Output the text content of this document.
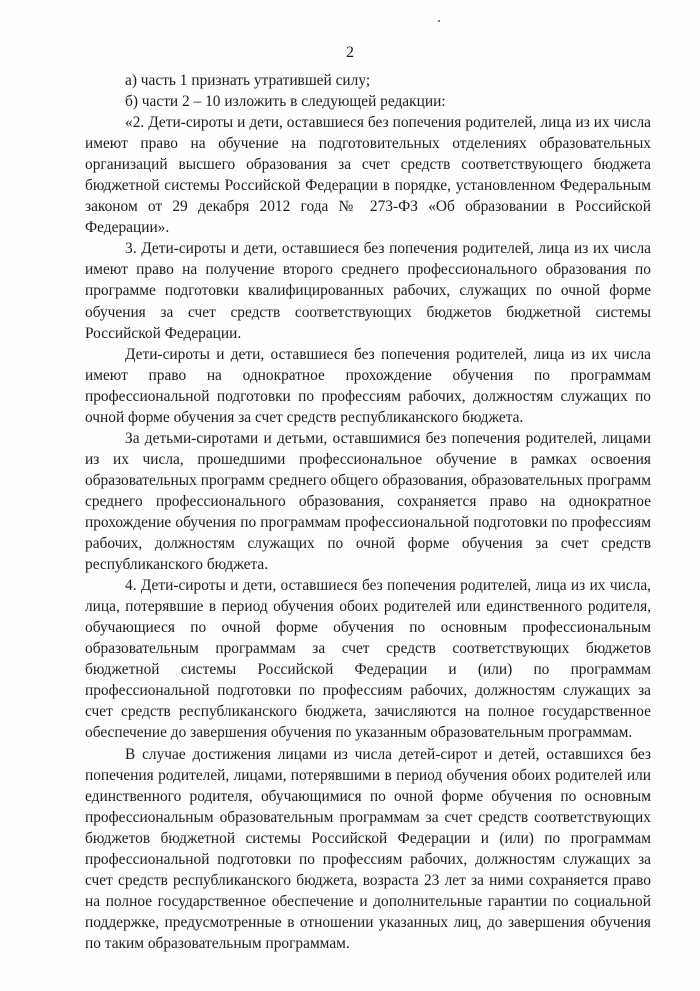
2

а) часть 1 признать утратившей силу;

б) части 2 – 10 изложить в следующей редакции:

«2. Дети-сироты и дети, оставшиеся без попечения родителей, лица из их числа имеют право на обучение на подготовительных отделениях образовательных организаций высшего образования за счет средств соответствующего бюджета бюджетной системы Российской Федерации в порядке, установленном Федеральным законом от 29 декабря 2012 года № 273-ФЗ «Об образовании в Российской Федерации».

3. Дети-сироты и дети, оставшиеся без попечения родителей, лица из их числа имеют право на получение второго среднего профессионального образования по программе подготовки квалифицированных рабочих, служащих по очной форме обучения за счет средств соответствующих бюджетов бюджетной системы Российской Федерации.

Дети-сироты и дети, оставшиеся без попечения родителей, лица из их числа имеют право на однократное прохождение обучения по программам профессиональной подготовки по профессиям рабочих, должностям служащих по очной форме обучения за счет средств республиканского бюджета.

За детьми-сиротами и детьми, оставшимися без попечения родителей, лицами из их числа, прошедшими профессиональное обучение в рамках освоения образовательных программ среднего общего образования, образовательных программ среднего профессионального образования, сохраняется право на однократное прохождение обучения по программам профессиональной подготовки по профессиям рабочих, должностям служащих по очной форме обучения за счет средств республиканского бюджета.

4. Дети-сироты и дети, оставшиеся без попечения родителей, лица из их числа, лица, потерявшие в период обучения обоих родителей или единственного родителя, обучающиеся по очной форме обучения по основным профессиональным образовательным программам за счет средств соответствующих бюджетов бюджетной системы Российской Федерации и (или) по программам профессиональной подготовки по профессиям рабочих, должностям служащих за счет средств республиканского бюджета, зачисляются на полное государственное обеспечение до завершения обучения по указанным образовательным программам.

В случае достижения лицами из числа детей-сирот и детей, оставшихся без попечения родителей, лицами, потерявшими в период обучения обоих родителей или единственного родителя, обучающимися по очной форме обучения по основным профессиональным образовательным программам за счет средств соответствующих бюджетов бюджетной системы Российской Федерации и (или) по программам профессиональной подготовки по профессиям рабочих, должностям служащих за счет средств республиканского бюджета, возраста 23 лет за ними сохраняется право на полное государственное обеспечение и дополнительные гарантии по социальной поддержке, предусмотренные в отношении указанных лиц, до завершения обучения по таким образовательным программам.
